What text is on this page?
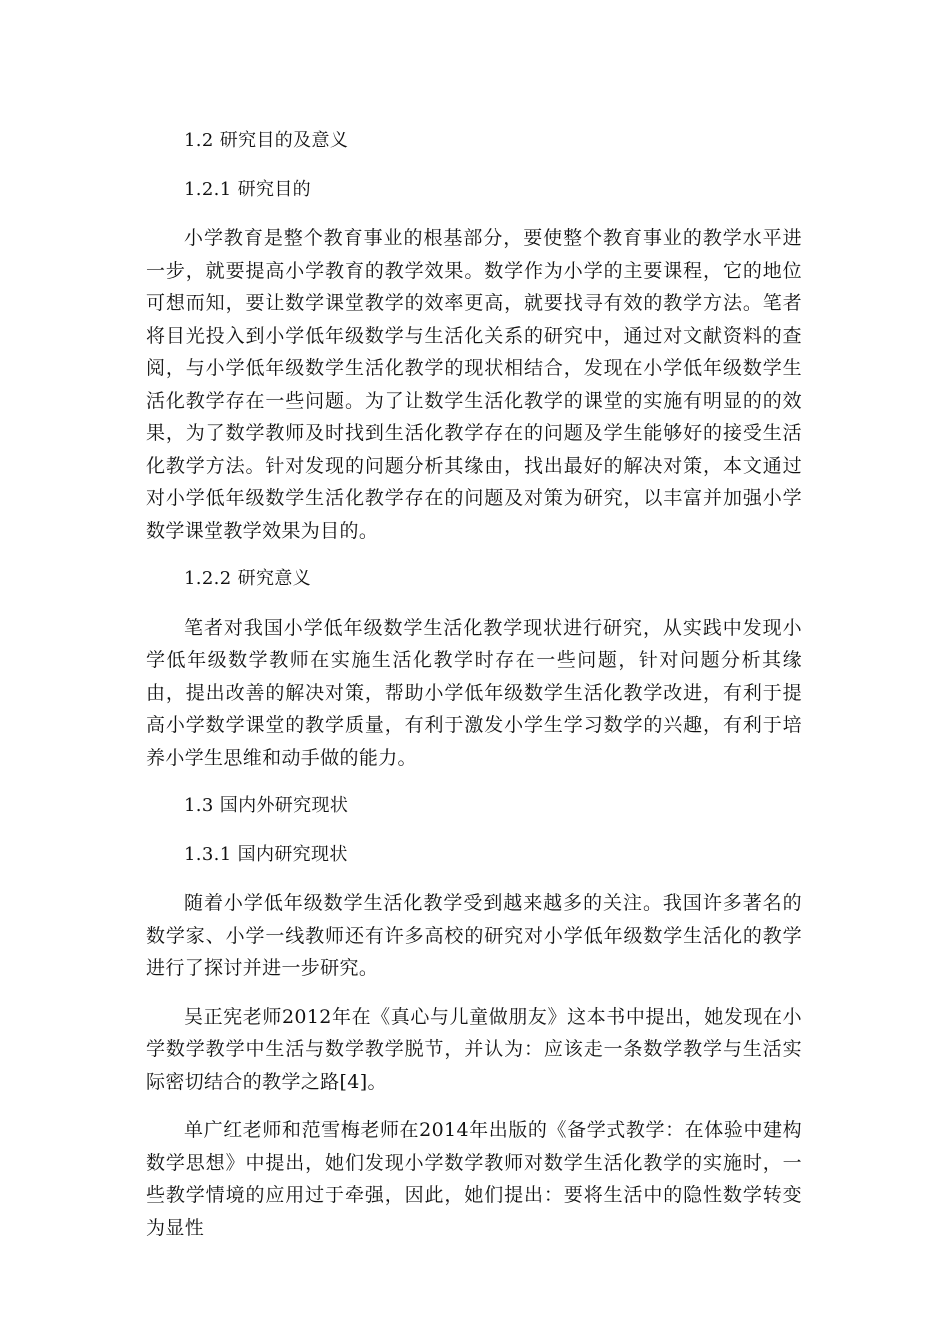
1.2 研究目的及意义
1.2.1 研究目的

小学教育是整个教育事业的根基部分，要使整个教育事业的教学水平进一步，就要提高小学教育的教学效果。数学作为小学的主要课程，它的地位可想而知，要让数学课堂教学的效率更高，就要找寻有效的教学方法。笔者将目光投入到小学低年级数学与生活化关系的研究中，通过对文献资料的查阅，与小学低年级数学生活化教学的现状相结合，发现在小学低年级数学生活化教学存在一些问题。为了让数学生活化教学的课堂的实施有明显的的效果，为了数学教师及时找到生活化教学存在的问题及学生能够好的接受生活化教学方法。针对发现的问题分析其缘由，找出最好的解决对策，本文通过对小学低年级数学生活化教学存在的问题及对策为研究，以丰富并加强小学数学课堂教学效果为目的。

1.2.2 研究意义

笔者对我国小学低年级数学生活化教学现状进行研究，从实践中发现小学低年级数学教师在实施生活化教学时存在一些问题，针对问题分析其缘由，提出改善的解决对策，帮助小学低年级数学生活化教学改进，有利于提高小学数学课堂的教学质量，有利于激发小学生学习数学的兴趣，有利于培养小学生思维和动手做的能力。

1.3 国内外研究现状
1.3.1 国内研究现状

随着小学低年级数学生活化教学受到越来越多的关注。我国许多著名的数学家、小学一线教师还有许多高校的研究对小学低年级数学生活化的教学进行了探讨并进一步研究。

吴正宪老师2012年在《真心与儿童做朋友》这本书中提出，她发现在小学数学教学中生活与数学教学脱节，并认为：应该走一条数学教学与生活实际密切结合的教学之路[4]。

单广红老师和范雪梅老师在2014年出版的《备学式教学：在体验中建构数学思想》中提出，她们发现小学数学教师对数学生活化教学的实施时，一些教学情境的应用过于牵强，因此，她们提出：要将生活中的隐性数学转变为显性
